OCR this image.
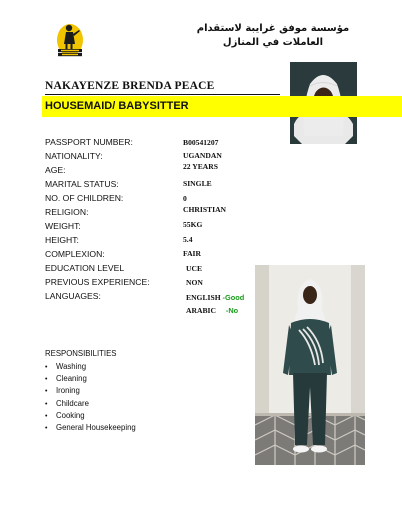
مؤسسة موفق غرايبة لاستقدام العاملات في المنازل
NAKAYENZE BRENDA PEACE
HOUSEMAID/ BABYSITTER
PASSPORT NUMBER:	B00541207
NATIONALITY:	UGANDAN
AGE:	22 YEARS
MARITAL STATUS:	SINGLE
NO. OF CHILDREN:	0
RELIGION:	CHRISTIAN
WEIGHT:	55KG
HEIGHT:	5.4
COMPLEXION:	FAIR
EDUCATION LEVEL	UCE
PREVIOUS EXPERIENCE:	NON
LANGUAGES:	ENGLISH -Good
ARABIC -No
RESPONSIBILITIES
• Washing
• Cleaning
• Ironing
• Childcare
• Cooking
• General Housekeeping
